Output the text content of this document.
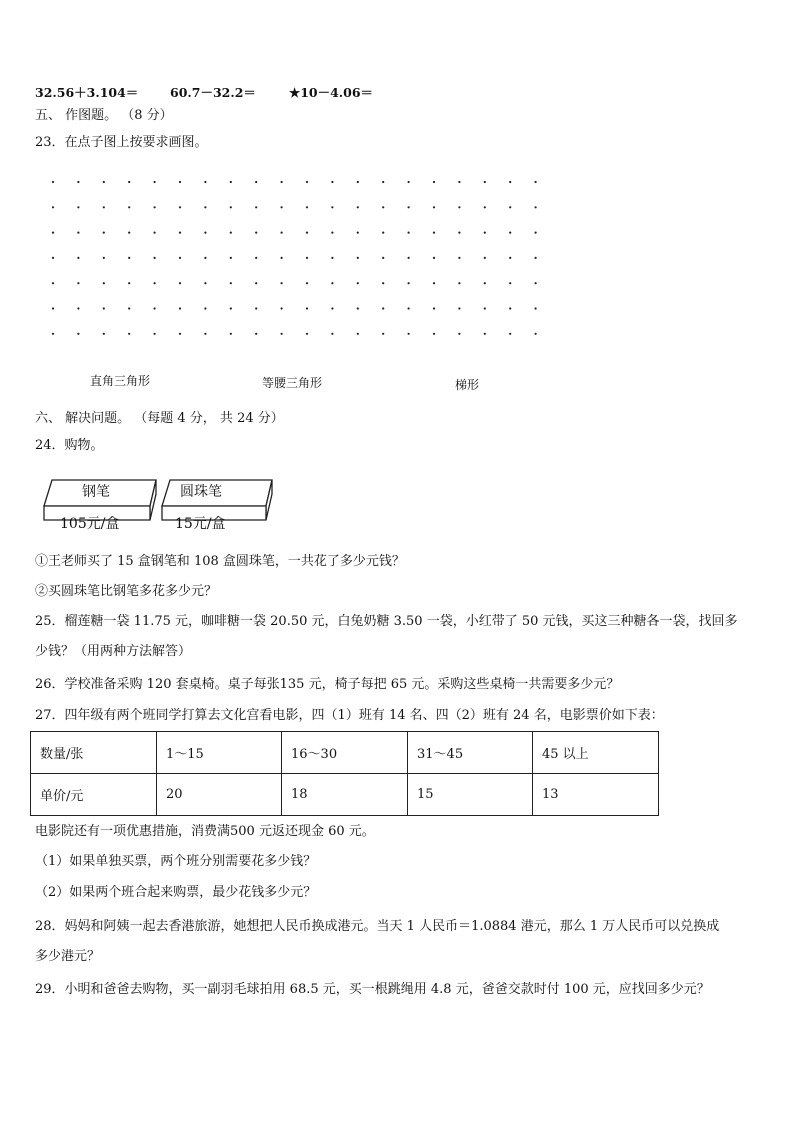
32.56＋3.104＝	60.7－32.2＝	★10－4.06＝
五、 作图题。 （8 分）
23．在点子图上按要求画图。
直角三角形	等腰三角形	梯形
六、 解决问题。 （每题 4 分， 共 24 分）
24．购物。
钢笔	圆珠笔
105元/盒	15元/盒
①王老师买了 15 盒钢笔和 108 盒圆珠笔，一共花了多少元钱？
②买圆珠笔比钢笔多花多少元？
25．榴莲糖一袋 11.75 元，咖啡糖一袋 20.50 元，白兔奶糖 3.50 一袋，小红带了 50 元钱，买这三种糖各一袋，找回多
少钱？（用两种方法解答）
26．学校准备采购 120 套桌椅。桌子每张135 元，椅子每把 65 元。采购这些桌椅一共需要多少元？
27．四年级有两个班同学打算去文化宫看电影，四（1）班有 14 名、四（2）班有 24 名，电影票价如下表：
数量/张	1～15	16～30	31～45	45 以上
单价/元	20	18	15	13
电影院还有一项优惠措施，消费满500 元返还现金 60 元。
（1）如果单独买票，两个班分别需要花多少钱？
（2）如果两个班合起来购票，最少花钱多少元？
28．妈妈和阿姨一起去香港旅游，她想把人民币换成港元。当天 1 人民币＝1.0884 港元，那么 1 万人民币可以兑换成
多少港元？
29．小明和爸爸去购物，买一副羽毛球拍用 68.5 元，买一根跳绳用 4.8 元，爸爸交款时付 100 元，应找回多少元？
